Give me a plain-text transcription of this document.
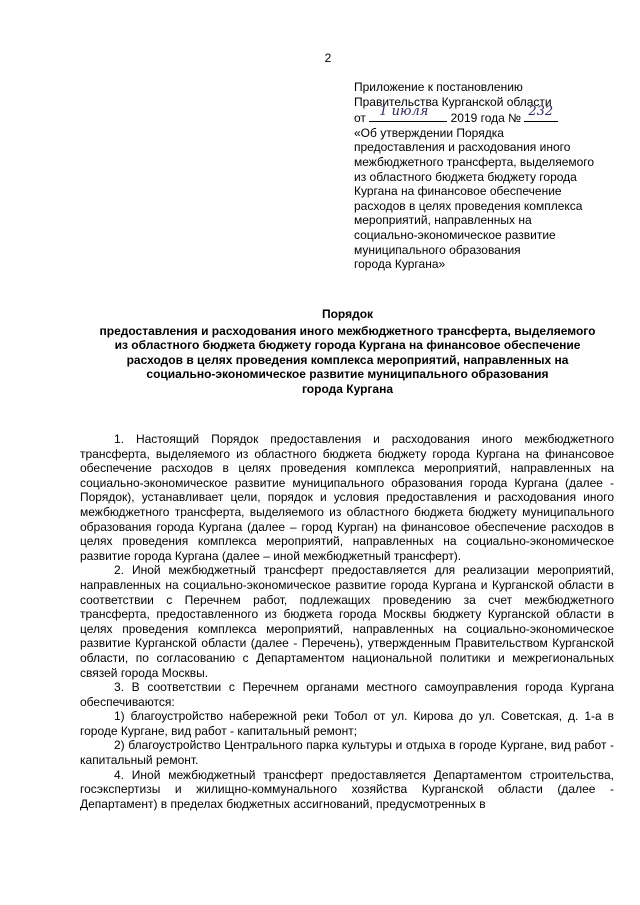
2
Приложение к постановлению
Правительства Курганской области
от 1 июля 2019 года № 232
«Об утверждении Порядка
предоставления и расходования иного
межбюджетного трансферта, выделяемого
из областного бюджета бюджету города
Кургана на финансовое обеспечение
расходов в целях проведения комплекса
мероприятий, направленных на
социально-экономическое развитие
муниципального образования
города Кургана»
Порядок
предоставления и расходования иного межбюджетного трансферта, выделяемого
из областного бюджета бюджету города Кургана на финансовое обеспечение
расходов в целях проведения комплекса мероприятий, направленных на
социально-экономическое развитие муниципального образования
города Кургана

1. Настоящий Порядок предоставления и расходования иного межбюджетного трансферта, выделяемого из областного бюджета бюджету города Кургана на финансовое обеспечение расходов в целях проведения комплекса мероприятий, направленных на социально-экономическое развитие муниципального образования города Кургана (далее - Порядок), устанавливает цели, порядок и условия предоставления и расходования иного межбюджетного трансферта, выделяемого из областного бюджета бюджету муниципального образования города Кургана (далее – город Курган) на финансовое обеспечение расходов в целях проведения комплекса мероприятий, направленных на социально-экономическое развитие города Кургана (далее – иной межбюджетный трансферт).

2. Иной межбюджетный трансферт предоставляется для реализации мероприятий, направленных на социально-экономическое развитие города Кургана и Курганской области в соответствии с Перечнем работ, подлежащих проведению за счет межбюджетного трансферта, предоставленного из бюджета города Москвы бюджету Курганской области в целях проведения комплекса мероприятий, направленных на социально-экономическое развитие Курганской области (далее - Перечень), утвержденным Правительством Курганской области, по согласованию с Департаментом национальной политики и межрегиональных связей города Москвы.

3. В соответствии с Перечнем органами местного самоуправления города Кургана обеспечиваются:

1) благоустройство набережной реки Тобол от ул. Кирова до ул. Советская, д. 1-а в городе Кургане, вид работ - капитальный ремонт;

2) благоустройство Центрального парка культуры и отдыха в городе Кургане, вид работ - капитальный ремонт.

4. Иной межбюджетный трансферт предоставляется Департаментом строительства, госэкспертизы и жилищно-коммунального хозяйства Курганской области (далее - Департамент) в пределах бюджетных ассигнований, предусмотренных в
